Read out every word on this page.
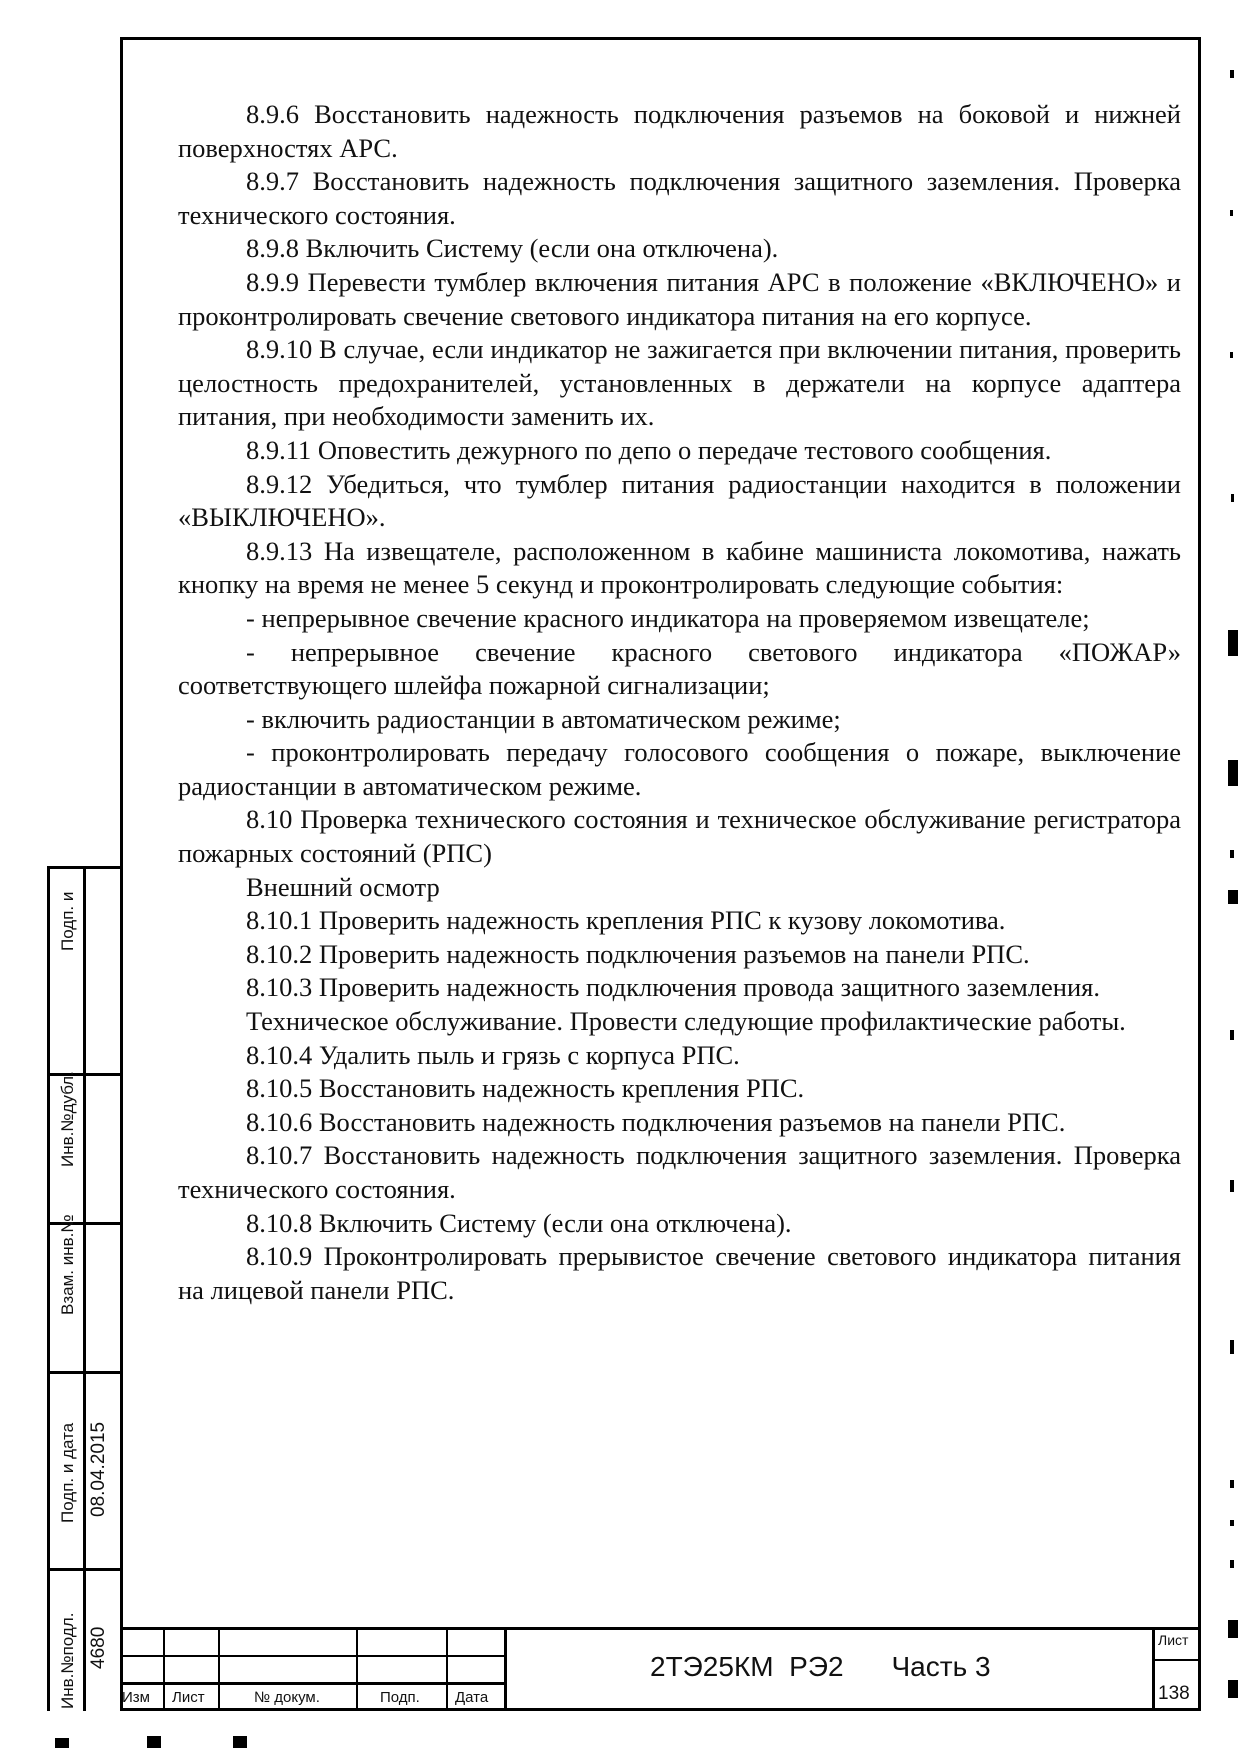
8.9.6 Восстановить надежность подключения разъемов на боковой и нижней поверхностях АРС.

8.9.7 Восстановить надежность подключения защитного заземления. Проверка технического состояния.

8.9.8 Включить Систему (если она отключена).

8.9.9 Перевести тумблер включения питания АРС в положение «ВКЛЮЧЕНО» и проконтролировать свечение светового индикатора питания на его корпусе.

8.9.10 В случае, если индикатор не зажигается при включении питания, проверить целостность предохранителей, установленных в держатели на корпусе адаптера питания, при необходимости заменить их.

8.9.11 Оповестить дежурного по депо о передаче тестового сообщения.

8.9.12 Убедиться, что тумблер питания радиостанции находится в положении «ВЫКЛЮЧЕНО».

8.9.13 На извещателе, расположенном в кабине машиниста локомотива, нажать кнопку на время не менее 5 секунд и проконтролировать следующие события:

- непрерывное свечение красного индикатора на проверяемом извещателе;

- непрерывное свечение красного светового индикатора «ПОЖАР» соответствующего шлейфа пожарной сигнализации;

- включить радиостанции в автоматическом режиме;

- проконтролировать передачу голосового сообщения о пожаре, выключение радиостанции в автоматическом режиме.

8.10 Проверка технического состояния и техническое обслуживание регистратора пожарных состояний (РПС)

Внешний осмотр

8.10.1 Проверить надежность крепления РПС к кузову локомотива.

8.10.2 Проверить надежность подключения разъемов на панели РПС.

8.10.3 Проверить надежность подключения провода защитного заземления.

Техническое обслуживание. Провести следующие профилактические работы.

8.10.4 Удалить пыль и грязь с корпуса РПС.

8.10.5 Восстановить надежность крепления РПС.

8.10.6 Восстановить надежность подключения разъемов на панели РПС.

8.10.7 Восстановить надежность подключения защитного заземления. Проверка технического состояния.

8.10.8 Включить Систему (если она отключена).

8.10.9 Проконтролировать прерывистое свечение светового индикатора питания на лицевой панели РПС.

Подп. и
Инв.№дубл.
Взам. инв.№
Подп. и дата 08.04.2015
Инв.№подл. 4680
Изм Лист	№ докум.	Подп. Дата
2ТЭ25КМ  РЭ2 Часть 3
Лист
138
